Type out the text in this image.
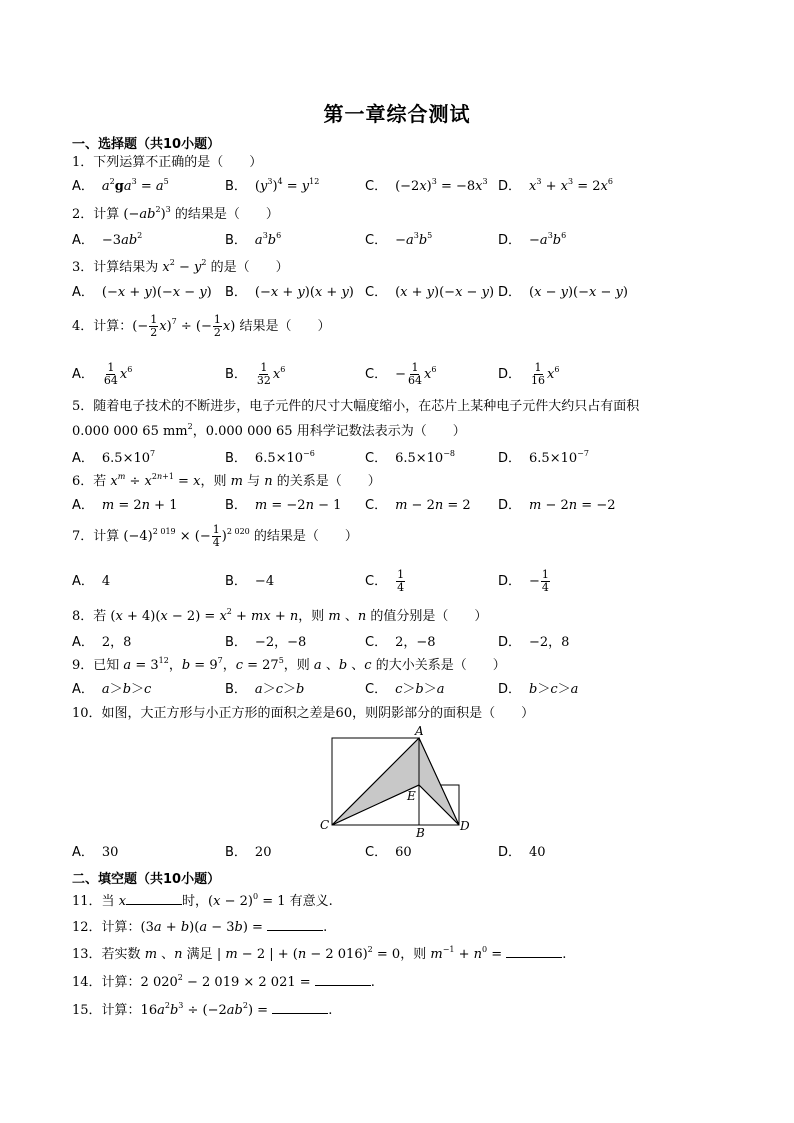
第一章综合测试
一、选择题（共10小题）
1．下列运算不正确的是（　　）
A． $a^2ga^3 = a^5$	B． $(y^3)^4 = y^{12}$	C． $(-2x)^3 = -8x^3$ D． $x^3 + x^3 = 2x^6$
2．计算 $(-ab^2)^3$ 的结果是（　　）
A． $-3ab^2$	B． $a^3b^6$	C． $-a^3b^5$	D． $-a^3b^6$
3．计算结果为 $x^2 - y^2$ 的是（　　）
A． (−x + y)(−x − y) B． (−x + y)(x + y) C． (x + y)(−x − y) D． (x − y)(−x − y)
4．计算：(− $\frac{1}{2} x)^7$ ÷ (− $\frac{1}{2} x$) 结果是（　　）
A． $\frac{1}{64} x^6$	B． $\frac{1}{32} x^6$	C． − $\frac{1}{64} x^6$	D． $\frac{1}{16} x^6$
5．随着电子技术的不断进步，电子元件的尺寸大幅度缩小，在芯片上某种电子元件大约只占有面积
0.000 000 65 $mm^2$，0.000 000 65 用科学记数法表示为（　　）
A． $6.5\times 10^7$	B． $6.5\times 10^{-6}$	C． $6.5\times 10^{-8}$	D． $6.5\times 10^{-7}$
6．若 $x^m \div x^{2n+1} = x$，则 m 与 n 的关系是（　　）
A． m = 2n + 1	B． m = −2n − 1 C． m − 2n = 2 D． m − 2n = −2
7．计算 $(-4)^{2 019}$ × (− $\frac{1}{4} )^{2 020}$ 的结果是（　　）
A． 4	B． −4	C． $\frac{1}{4}$	D． − $\frac{1}{4}$
8．若 $(x + 4)(x - 2) = x^2$ + mx + n，则 m 、n 的值分别是（　　）
A． 2，8	B． −2，−8	C． 2，−8	D． −2，8
9．已知 $a = 3^{12}$，$b = 9^7$，$c = 27^5$，则 a 、b 、c 的大小关系是（　　）
A． a＞b＞c	B． a＞c＞b	C． c＞b＞a	D． b＞c＞a
10．如图，大正方形与小正方形的面积之差是60，则阴影部分的面积是（　　）
A
B
C	D
E
A． 30	B． 20	C． 60	D． 40
二、填空题（共10小题）
11．当 x	时，$(x - 2)^0 = 1$ 有意义.
12．计算：(3a + b)(a − 3b) =	.
13．若实数 m 、n 满足 | m − 2 | + (n − 2 016)$^2$ = 0，则 $m^{-1} + n^0$ =	.
14．计算：2 $020^2 - 2$ 019 × 2 021 =	.
15．计算：$16a^2b^3 \div (-2ab^2)$ =	.
